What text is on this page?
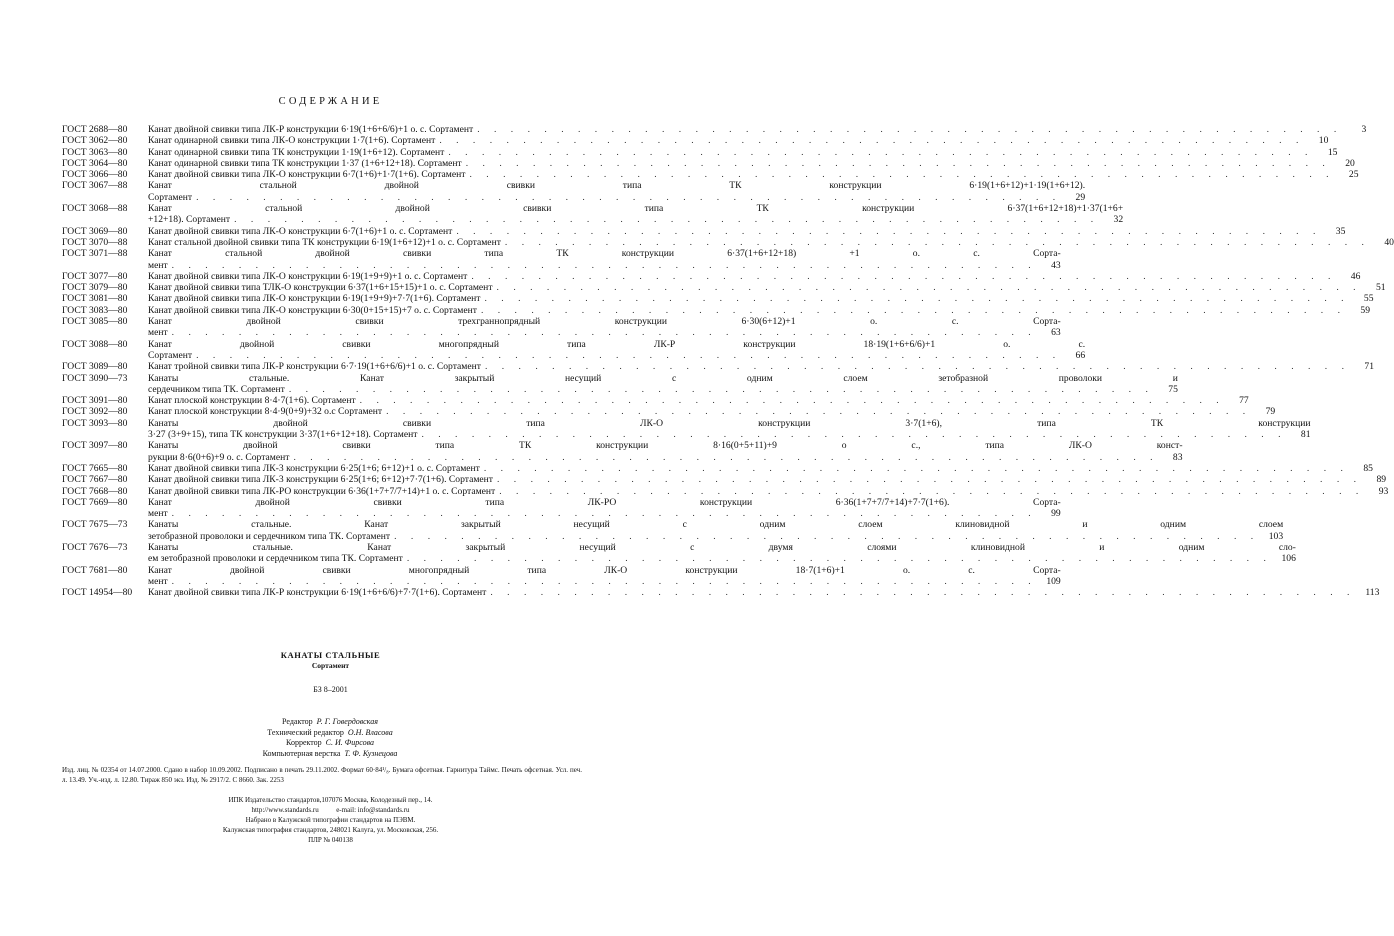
СОДЕРЖАНИЕ
ГОСТ 2688—80	Канат двойной свивки типа ЛК-Р конструкции 6·19(1+6+6/6)+1 о. с. Сортамент . . . . . . . . . . . . . . . . . . . . . . . . . . . . . . . . . . . . . . . . . . . . . . . . . . . .	3
ГОСТ 3062—80	Канат одинарной свивки типа ЛК-О конструкции 1·7(1+6). Сортамент . . . . . . . . . . . . . . . . . . . . . . . . . . . . . . . . . . . . . . . . . . . . . . . . . . . .	10
ГОСТ 3063—80	Канат одинарной свивки типа ТК конструкции 1·19(1+6+12). Сортамент . . . . . . . . . . . . . . . . . . . . . . . . . . . . . . . . . . . . . . . . . . . . . . . . . . . .	15
ГОСТ 3064—80	Канат одинарной свивки типа ТК конструкции 1·37 (1+6+12+18). Сортамент . . . . . . . . . . . . . . . . . . . . . . . . . . . . . . . . . . . . . . . . . . . . . . . . . . . .	20
ГОСТ 3066—80	Канат двойной свивки типа ЛК-О конструкции 6·7(1+6)+1·7(1+6). Сортамент . . . . . . . . . . . . . . . . . . . . . . . . . . . . . . . . . . . . . . . . . . . . . . . . . . . .	25
ГОСТ 3067—88	Канат стальной двойной свивки типа ТК конструкции 6·19(1+6+12)+1·19(1+6+12).
Сортамент . . . . . . . . . . . . . . . . . . . . . . . . . . . . . . . . . . . . . . . . . . . . . . . . . . . .	29
ГОСТ 3068—88	Канат стальной двойной свивки типа ТК конструкции 6·37(1+6+12+18)+1·37(1+6+
+12+18). Сортамент . . . . . . . . . . . . . . . . . . . . . . . . . . . . . . . . . . . . . . . . . . . . . . . . . . . .	32
ГОСТ 3069—80	Канат двойной свивки типа ЛК-О конструкции 6·7(1+6)+1 о. с. Сортамент . . . . . . . . . . . . . . . . . . . . . . . . . . . . . . . . . . . . . . . . . . . . . . . . . . . .	35
ГОСТ 3070—88	Канат стальной двойной свивки типа ТК конструкции 6·19(1+6+12)+1 о. с. Сортамент . . . . . . . . . . . . . . . . . . . . . . . . . . . . . . . . . . . . . . . . . . . . . . . . . . . .	40
ГОСТ 3071—88	Канат стальной двойной свивки типа ТК конструкции 6·37(1+6+12+18) +1 о. с. Сорта-
мент . . . . . . . . . . . . . . . . . . . . . . . . . . . . . . . . . . . . . . . . . . . . . . . . . . . .	43
ГОСТ 3077—80	Канат двойной свивки типа ЛК-О конструкции 6·19(1+9+9)+1 о. с. Сортамент . . . . . . . . . . . . . . . . . . . . . . . . . . . . . . . . . . . . . . . . . . . . . . . . . . . .	46
ГОСТ 3079—80	Канат двойной свивки типа ТЛК-О конструкции 6·37(1+6+15+15)+1 о. с. Сортамент . . . . . . . . . . . . . . . . . . . . . . . . . . . . . . . . . . . . . . . . . . . . . . . . . . . .	51
ГОСТ 3081—80	Канат двойной свивки типа ЛК-О конструкции 6·19(1+9+9)+7·7(1+6). Сортамент . . . . . . . . . . . . . . . . . . . . . . . . . . . . . . . . . . . . . . . . . . . . . . . . . . . .	55
ГОСТ 3083—80	Канат двойной свивки типа ЛК-О конструкции 6·30(0+15+15)+7 о. с. Сортамент . . . . . . . . . . . . . . . . . . . . . . . . . . . . . . . . . . . . . . . . . . . . . . . . . . . .	59
ГОСТ 3085—80	Канат двойной свивки трехграннопрядный конструкции 6·30(6+12)+1 о. с. Сорта-
мент . . . . . . . . . . . . . . . . . . . . . . . . . . . . . . . . . . . . . . . . . . . . . . . . . . . .	63
ГОСТ 3088—80	Канат двойной свивки многопрядный типа ЛК-Р конструкции 18·19(1+6+6/6)+1 о. с.
Сортамент . . . . . . . . . . . . . . . . . . . . . . . . . . . . . . . . . . . . . . . . . . . . . . . . . . . .	66
ГОСТ 3089—80	Канат тройной свивки типа ЛК-Р конструкции 6·7·19(1+6+6/6)+1 о. с. Сортамент . . . . . . . . . . . . . . . . . . . . . . . . . . . . . . . . . . . . . . . . . . . . . . . . . . . .	71
ГОСТ 3090—73	Канаты стальные. Канат закрытый несущий с одним слоем зетобразной проволоки и
сердечником типа ТК. Сортамент . . . . . . . . . . . . . . . . . . . . . . . . . . . . . . . . . . . . . . . . . . . . . . . . . . . .	75
ГОСТ 3091—80	Канат плоской конструкции 8·4·7(1+6). Сортамент . . . . . . . . . . . . . . . . . . . . . . . . . . . . . . . . . . . . . . . . . . . . . . . . . . . .	77
ГОСТ 3092—80	Канат плоской конструкции 8·4·9(0+9)+32 о.с Сортамент . . . . . . . . . . . . . . . . . . . . . . . . . . . . . . . . . . . . . . . . . . . . . . . . . . . .	79
ГОСТ 3093—80	Канаты двойной свивки типа ЛК-О конструкции 3·7(1+6), типа ТК конструкции
3·27 (3+9+15), типа ТК конструкции 3·37(1+6+12+18). Сортамент . . . . . . . . . . . . . . . . . . . . . . . . . . . . . . . . . . . . . . . . . . . . . . . . . . . .	81
ГОСТ 3097—80	Канаты двойной свивки типа ТК конструкции 8·16(0+5+11)+9 о с., типа ЛК-О конст-
рукции 8·6(0+6)+9 о. с. Сортамент . . . . . . . . . . . . . . . . . . . . . . . . . . . . . . . . . . . . . . . . . . . . . . . . . . . .	83
ГОСТ 7665—80	Канат двойной свивки типа ЛК-3 конструкции 6·25(1+6; 6+12)+1 о. с. Сортамент . . . . . . . . . . . . . . . . . . . . . . . . . . . . . . . . . . . . . . . . . . . . . . . . . . . .	85
ГОСТ 7667—80	Канат двойной свивки типа ЛК-3 конструкции 6·25(1+6; 6+12)+7·7(1+6). Сортамент . . . . . . . . . . . . . . . . . . . . . . . . . . . . . . . . . . . . . . . . . . . . . . . . . . . .	89
ГОСТ 7668—80	Канат двойной свивки типа ЛК-РО конструкции 6·36(1+7+7/7+14)+1 о. с. Сортамент . . . . . . . . . . . . . . . . . . . . . . . . . . . . . . . . . . . . . . . . . . . . . . . . . . . .	93
ГОСТ 7669—80	Канат двойной свивки типа ЛК-РО конструкции 6·36(1+7+7/7+14)+7·7(1+6). Сорта-
мент . . . . . . . . . . . . . . . . . . . . . . . . . . . . . . . . . . . . . . . . . . . . . . . . . . . .	99
ГОСТ 7675—73	Канаты стальные. Канат закрытый несущий с одним слоем клиновидной и одним слоем
зетобразной проволоки и сердечником типа ТК. Сортамент . . . . . . . . . . . . . . . . . . . . . . . . . . . . . . . . . . . . . . . . . . . . . . . . . . . .	103
ГОСТ 7676—73	Канаты стальные. Канат закрытый несущий с двумя слоями клиновидной и одним сло-
ем зетобразной проволоки и сердечником типа ТК. Сортамент . . . . . . . . . . . . . . . . . . . . . . . . . . . . . . . . . . . . . . . . . . . . . . . . . . . .	106
ГОСТ 7681—80	Канат двойной свивки многопрядный типа ЛК-О конструкции 18·7(1+6)+1 о. с. Сорта-
мент . . . . . . . . . . . . . . . . . . . . . . . . . . . . . . . . . . . . . . . . . . . . . . . . . . . .	109
ГОСТ 14954—80	Канат двойной свивки типа ЛК-Р конструкции 6·19(1+6+6/6)+7·7(1+6). Сортамент . . . . . . . . . . . . . . . . . . . . . . . . . . . . . . . . . . . . . . . . . . . . . . . . . . . .	113
КАНАТЫ СТАЛЬНЫЕ
Сортамент
БЗ 8–2001
Редактор Р. Г. Говердовская
Технический редактор О.Н. Власова
Корректор С. И. Фирсова
Компьютерная верстка Т. Ф. Кузнецова
Изд. лиц. № 02354 от 14.07.2000. Сдано в набор 10.09.2002. Подписано в печать 29.11.2002. Формат 60·84¹/₈. Бумага офсетная. Гарнитура Таймс. Печать офсетная. Усл. печ. л. 13.49. Уч.-изд. л. 12.80. Тираж 850 экз. Изд. № 2917/2. С 8660. Зак. 2253
ИПК Издательство стандартов,107076 Москва, Колодезный пер., 14.
http://www.standards.ru          e-mail: info@standards.ru
Набрано в Калужской типографии стандартов на ПЭВМ.
Калужская типография стандартов, 248021 Калуга, ул. Московская, 256.
ПЛР № 040138
